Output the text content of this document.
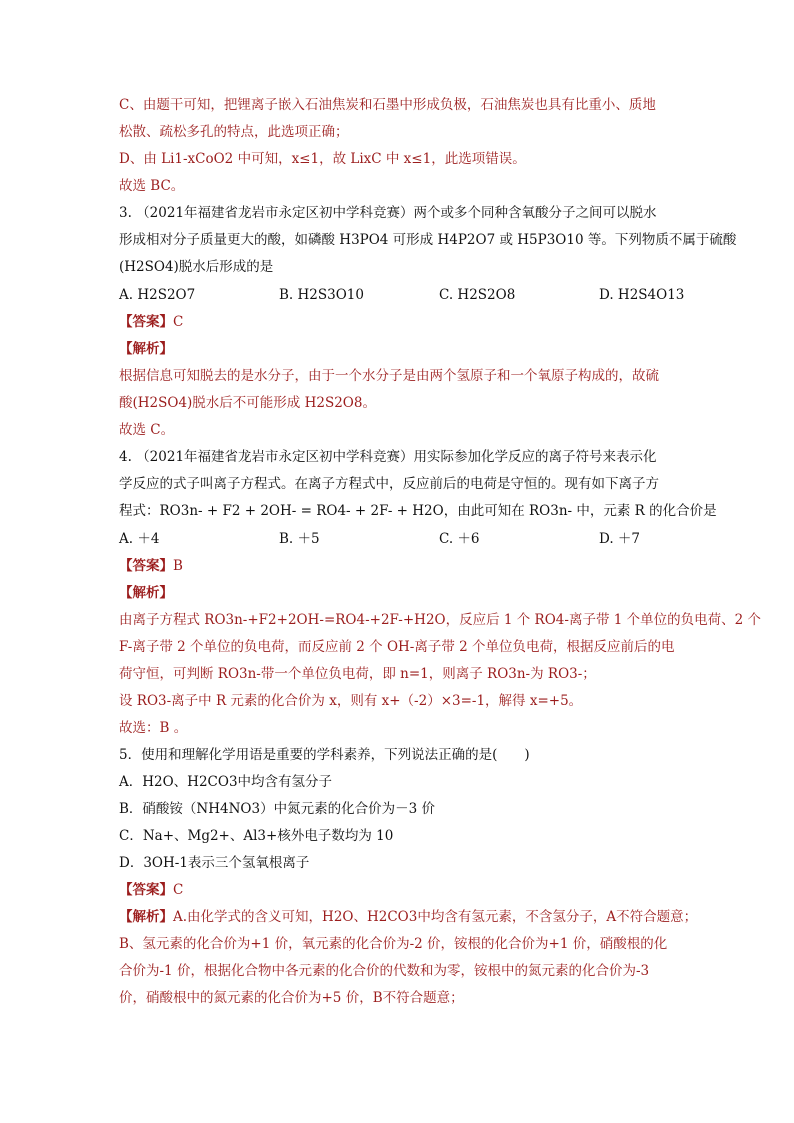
C、由题干可知，把锂离子嵌入石油焦炭和石墨中形成负极，石油焦炭也具有比重小、质地
松散、疏松多孔的特点，此选项正确；
D、由 Li1-xCoO2 中可知，x≤1，故 LixC 中 x≤1，此选项错误。
故选 BC。
3. （2021年福建省龙岩市永定区初中学科竞赛）两个或多个同种含氧酸分子之间可以脱水
形成相对分子质量更大的酸，如磷酸 H3PO4 可形成 H4P2O7 或 H5P3O10 等。下列物质不属于硫酸
(H2SO4)脱水后形成的是
A. H2S2O7	B. H2S3O10	C. H2S2O8	D. H2S4O13
【答案】C
【解析】
根据信息可知脱去的是水分子，由于一个水分子是由两个氢原子和一个氧原子构成的，故硫
酸(H2SO4)脱水后不可能形成 H2S2O8。
故选 C。
4. （2021年福建省龙岩市永定区初中学科竞赛）用实际参加化学反应的离子符号来表示化
学反应的式子叫离子方程式。在离子方程式中，反应前后的电荷是守恒的。现有如下离子方
程式：RO3n- + F2 + 2OH- = RO4- + 2F- + H2O，由此可知在 RO3n- 中，元素 R 的化合价是
A. ＋4	B. ＋5	C. ＋6	D. ＋7
【答案】B
【解析】
由离子方程式 RO3n-+F2+2OH-=RO4-+2F-+H2O，反应后 1 个 RO4-离子带 1 个单位的负电荷、2 个
F-离子带 2 个单位的负电荷，而反应前 2 个 OH-离子带 2 个单位负电荷，根据反应前后的电
荷守恒，可判断 RO3n-带一个单位负电荷，即 n=1，则离子 RO3n-为 RO3-；
设 RO3-离子中 R 元素的化合价为 x，则有 x+（-2）×3=-1，解得 x=+5。
故选：B 。
5．使用和理解化学用语是重要的学科素养，下列说法正确的是(　　)
A．H2O、H2CO3中均含有氢分子
B．硝酸铵（NH4NO3）中氮元素的化合价为－3 价
C．Na+、Mg2+、Al3+核外电子数均为 10
D．3OH-1表示三个氢氧根离子
【答案】C
【解析】A.由化学式的含义可知，H2O、H2CO3中均含有氢元素，不含氢分子，A不符合题意；
B、氢元素的化合价为+1 价，氧元素的化合价为-2 价，铵根的化合价为+1 价，硝酸根的化
合价为-1 价，根据化合物中各元素的化合价的代数和为零，铵根中的氮元素的化合价为-3
价，硝酸根中的氮元素的化合价为+5 价，B不符合题意；
